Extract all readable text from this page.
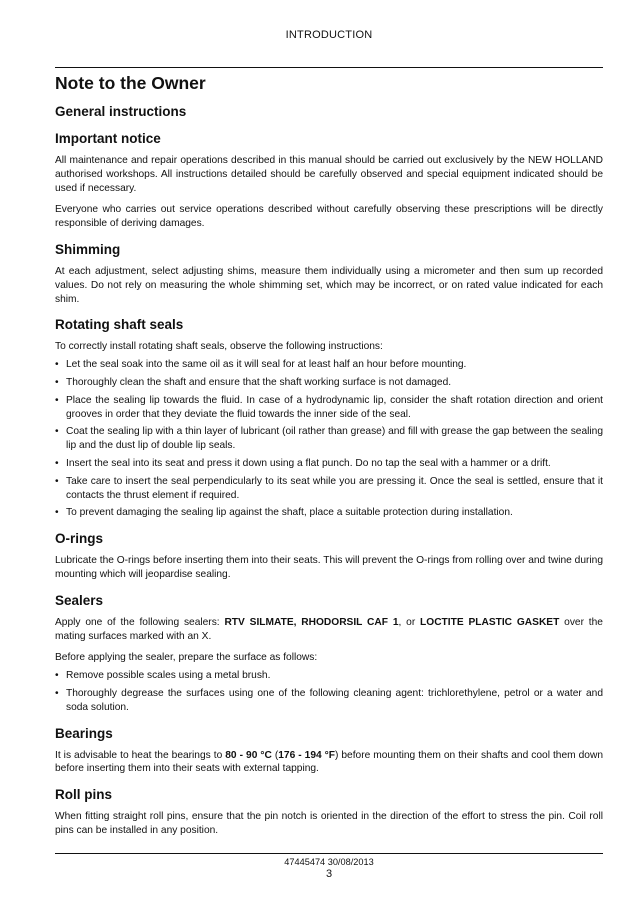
INTRODUCTION
Note to the Owner
General instructions
Important notice

All maintenance and repair operations described in this manual should be carried out exclusively by the NEW HOLLAND authorised workshops. All instructions detailed should be carefully observed and special equipment indicated should be used if necessary.

Everyone who carries out service operations described without carefully observing these prescriptions will be directly responsible of deriving damages.

Shimming

At each adjustment, select adjusting shims, measure them individually using a micrometer and then sum up recorded values. Do not rely on measuring the whole shimming set, which may be incorrect, or on rated value indicated for each shim.

Rotating shaft seals

To correctly install rotating shaft seals, observe the following instructions:

• Let the seal soak into the same oil as it will seal for at least half an hour before mounting.
• Thoroughly clean the shaft and ensure that the shaft working surface is not damaged.
• Place the sealing lip towards the fluid. In case of a hydrodynamic lip, consider the shaft rotation direction and orient grooves in order that they deviate the fluid towards the inner side of the seal.
• Coat the sealing lip with a thin layer of lubricant (oil rather than grease) and fill with grease the gap between the sealing lip and the dust lip of double lip seals.
• Insert the seal into its seat and press it down using a flat punch. Do no tap the seal with a hammer or a drift.
• Take care to insert the seal perpendicularly to its seat while you are pressing it. Once the seal is settled, ensure that it contacts the thrust element if required.
• To prevent damaging the sealing lip against the shaft, place a suitable protection during installation.
O-rings

Lubricate the O-rings before inserting them into their seats. This will prevent the O-rings from rolling over and twine during mounting which will jeopardise sealing.

Sealers

Apply one of the following sealers: RTV SILMATE, RHODORSIL CAF 1, or LOCTITE PLASTIC GASKET over the mating surfaces marked with an X.

Before applying the sealer, prepare the surface as follows:

• Remove possible scales using a metal brush.
• Thoroughly degrease the surfaces using one of the following cleaning agent: trichlorethylene, petrol or a water and soda solution.
Bearings

It is advisable to heat the bearings to 80 - 90 °C (176 - 194 °F) before mounting them on their shafts and cool them down before inserting them into their seats with external tapping.

Roll pins

When fitting straight roll pins, ensure that the pin notch is oriented in the direction of the effort to stress the pin. Coil roll pins can be installed in any position.

47445474 30/08/2013
3
